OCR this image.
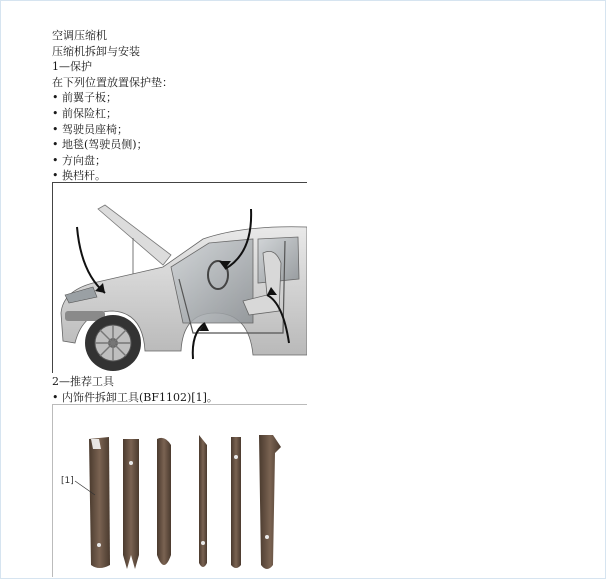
空调压缩机
压缩机拆卸与安装
1—保护
在下列位置放置保护垫：
• 前翼子板；
• 前保险杠；
• 驾驶员座椅；
• 地毯(驾驶员侧)；
• 方向盘；
• 换档杆。
2—推荐工具
• 内饰件拆卸工具(BF1102)[1]。
[1]
